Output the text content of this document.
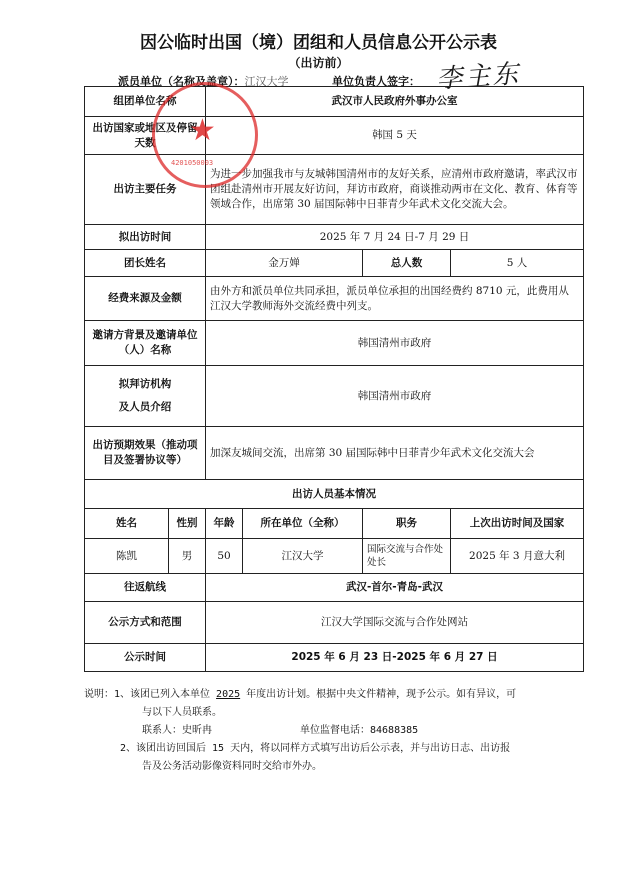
因公临时出国（境）团组和人员信息公开公示表
（出访前）
派员单位（名称及盖章）：江汉大学	单位负责人签字： 李主东
组团单位名称		武汉市人民政府外事办公室			
出访国家或地区及停留天数		韩国 5 天			
出访主要任务		为进一步加强我市与友城韩国清州市的友好关系，应清州市政府邀请，率武汉市团组赴清州市开展友好访问，拜访市政府，商谈推动两市在文化、教育、体育等领域合作，出席第 30 届国际韩中日菲青少年武术文化交流大会。			
拟出访时间		2025 年 7 月 24 日-7 月 29 日			
团长姓名		金万婵		总人数	5 人
经费来源及金额		由外方和派员单位共同承担，派员单位承担的出国经费约 8710 元，此费用从江汉大学教师海外交流经费中列支。			
邀请方背景及邀请单位（人）名称		韩国清州市政府			

拟拜访机构
及人员介绍		韩国清州市政府			
出访预期效果（推动项目及签署协议等）		加深友城间交流，出席第 30 届国际韩中日菲青少年武术文化交流大会			
出访人员基本情况					
姓名	性别	年龄	所在单位（全称）	职务	上次出访时间及国家
陈凯	男	50	江汉大学	国际交流与合作处处长	2025 年 3 月意大利
往返航线		武汉-首尔-青岛-武汉			
公示方式和范围		江汉大学国际交流与合作处网站			
公示时间		2025 年 6 月 23 日-2025 年 6 月 27 日			
★
4201050003
说明：1、该团已列入本单位 2025 年度出访计划。根据中央文件精神，现予公示。如有异议，可
与以下人员联系。
联系人：史昕冉	单位监督电话：84688385
2、该团出访回国后 15 天内，将以同样方式填写出访后公示表，并与出访日志、出访报
告及公务活动影像资料同时交给市外办。
